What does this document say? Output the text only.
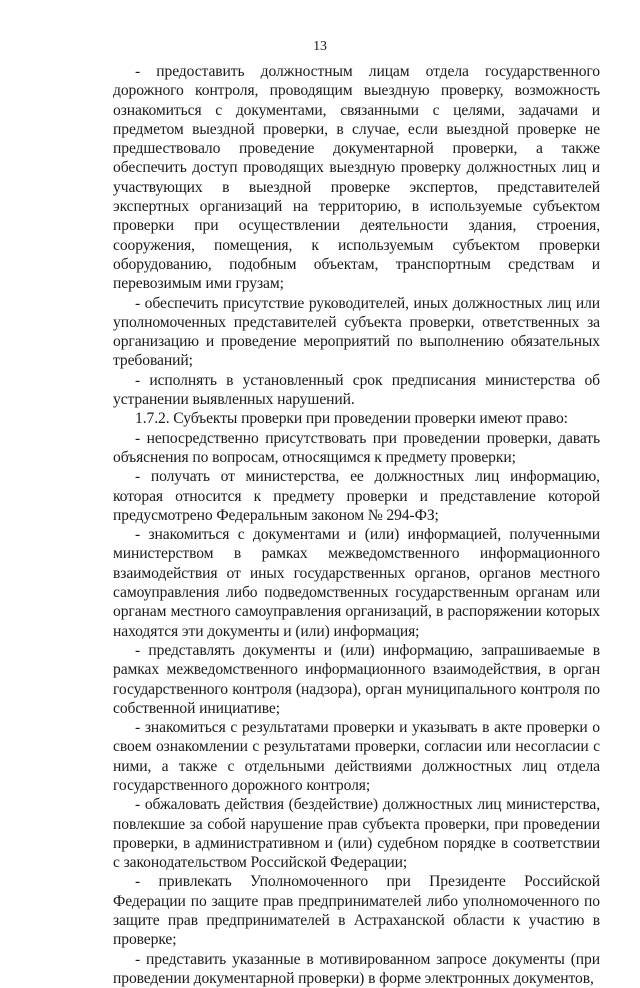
13

- предоставить должностным лицам отдела государственного дорожного контроля, проводящим выездную проверку, возможность ознакомиться с документами, связанными с целями, задачами и предметом выездной проверки, в случае, если выездной проверке не предшествовало проведение документарной проверки, а также обеспечить доступ проводящих выездную проверку должностных лиц и участвующих в выездной проверке экспертов, представителей экспертных организаций на территорию, в используемые субъектом проверки при осуществлении деятельности здания, строения, сооружения, помещения, к используемым субъектом проверки оборудованию, подобным объектам, транспортным средствам и перевозимым ими грузам;

- обеспечить присутствие руководителей, иных должностных лиц или уполномоченных представителей субъекта проверки, ответственных за организацию и проведение мероприятий по выполнению обязательных требований;

- исполнять в установленный срок предписания министерства об устранении выявленных нарушений.

1.7.2. Субъекты проверки при проведении проверки имеют право:

- непосредственно присутствовать при проведении проверки, давать объяснения по вопросам, относящимся к предмету проверки;

- получать от министерства, ее должностных лиц информацию, которая относится к предмету проверки и представление которой предусмотрено Федеральным законом № 294-ФЗ;

- знакомиться с документами и (или) информацией, полученными министерством в рамках межведомственного информационного взаимодействия от иных государственных органов, органов местного самоуправления либо подведомственных государственным органам или органам местного самоуправления организаций, в распоряжении которых находятся эти документы и (или) информация;

- представлять документы и (или) информацию, запрашиваемые в рамках межведомственного информационного взаимодействия, в орган государственного контроля (надзора), орган муниципального контроля по собственной инициативе;

- знакомиться с результатами проверки и указывать в акте проверки о своем ознакомлении с результатами проверки, согласии или несогласии с ними, а также с отдельными действиями должностных лиц отдела государственного дорожного контроля;

- обжаловать действия (бездействие) должностных лиц министерства, повлекшие за собой нарушение прав субъекта проверки, при проведении проверки, в административном и (или) судебном порядке в соответствии с законодательством Российской Федерации;

- привлекать Уполномоченного при Президенте Российской Федерации по защите прав предпринимателей либо уполномоченного по защите прав предпринимателей в Астраханской области к участию в проверке;

- представить указанные в мотивированном запросе документы (при проведении документарной проверки) в форме электронных документов,
